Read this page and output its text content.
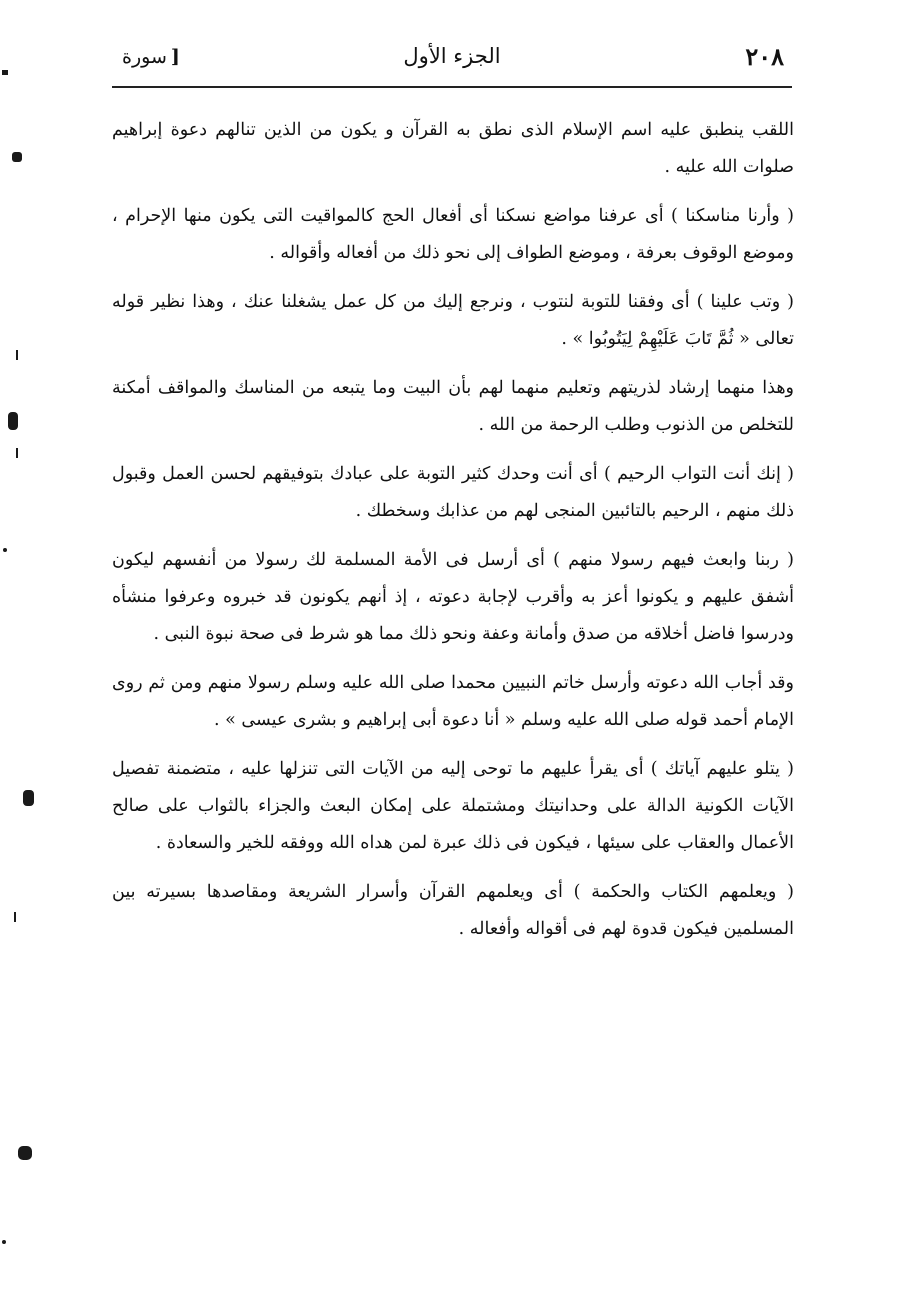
٢٠٨
الجزء الأول
[سورة

اللقب ينطبق عليه اسم الإسلام الذى نطق به القرآن و يكون من الذين تنالهم دعوة إبراهيم صلوات الله عليه .

( وأرنا مناسكنا ) أى عرفنا مواضع نسكنا أى أفعال الحج كالمواقيت التى يكون منها الإحرام ، وموضع الوقوف بعرفة ، وموضع الطواف إلى نحو ذلك من أفعاله وأقواله .

( وتب علينا ) أى وفقنا للتوبة لنتوب ، ونرجع إليك من كل عمل يشغلنا عنك ، وهذا نظير قوله تعالى « ثُمَّ تَابَ عَلَيْهِمْ لِيَتُوبُوا » .

وهذا منهما إرشاد لذريتهم وتعليم منهما لهم بأن البيت وما يتبعه من المناسك والمواقف أمكنة للتخلص من الذنوب وطلب الرحمة من الله .

( إنك أنت التواب الرحيم ) أى أنت وحدك كثير التوبة على عبادك بتوفيقهم لحسن العمل وقبول ذلك منهم ، الرحيم بالتائبين المنجى لهم من عذابك وسخطك .

( ربنا وابعث فيهم رسولا منهم ) أى أرسل فى الأمة المسلمة لك رسولا من أنفسهم ليكون أشفق عليهم و يكونوا أعز به وأقرب لإجابة دعوته ، إذ أنهم يكونون قد خبروه وعرفوا منشأه ودرسوا فاضل أخلاقه من صدق وأمانة وعفة ونحو ذلك مما هو شرط فى صحة نبوة النبى .

وقد أجاب الله دعوته وأرسل خاتم النبيين محمدا صلى الله عليه وسلم رسولا منهم ومن ثم روى الإمام أحمد قوله صلى الله عليه وسلم « أنا دعوة أبى إبراهيم و بشرى عيسى » .

( يتلو عليهم آياتك ) أى يقرأ عليهم ما توحى إليه من الآيات التى تنزلها عليه ، متضمنة تفصيل الآيات الكونية الدالة على وحدانيتك ومشتملة على إمكان البعث والجزاء بالثواب على صالح الأعمال والعقاب على سيئها ، فيكون فى ذلك عبرة لمن هداه الله ووفقه للخير والسعادة .

( ويعلمهم الكتاب والحكمة ) أى ويعلمهم القرآن وأسرار الشريعة ومقاصدها بسيرته بين المسلمين فيكون قدوة لهم فى أقواله وأفعاله .
